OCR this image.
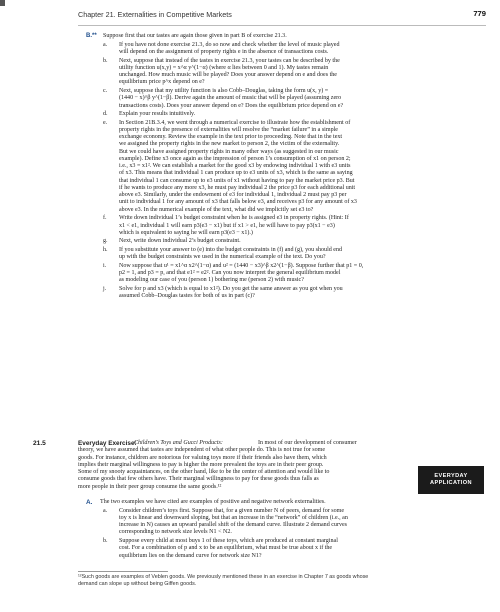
Chapter 21. Externalities in Competitive Markets	779
B.** Suppose first that our tastes are again those given in part B of exercise 21.3.
a. If you have not done exercise 21.3, do so now and check whether the level of music played
will depend on the assignment of property rights e in the absence of transactions costs.
b. Next, suppose that instead of the tastes in exercise 21.3, your tastes can be described by the
utility function u(x,y) = x^α y^(1−α) (where α lies between 0 and 1). My tastes remain
unchanged. How much music will be played? Does your answer depend on e and does the
equilibrium price p^x depend on e?
c. Next, suppose that my utility function is also Cobb–Douglas, taking the form u(x, y) =
(1440 − x)^β y^(1−β). Derive again the amount of music that will be played (assuming zero
transactions costs). Does your answer depend on e? Does the equilibrium price depend on e?
d. Explain your results intuitively.
e. In Section 21B.3.4, we went through a numerical exercise to illustrate how the establishment of
property rights in the presence of externalities will resolve the “market failure” in a simple
exchange economy. Review the example in the text prior to proceeding. Note that in the text
we assigned the property rights in the new market to person 2, the victim of the externality.
But we could have assigned property rights in many other ways (as suggested in our music
example). Define x3 once again as the impression of person 1’s consumption of x1 on person 2;
i.e., x3 = x1². We can establish a market for the good x3 by endowing individual 1 with e3 units
of x3. This means that individual 1 can produce up to e3 units of x3, which is the same as saying
that individual 1 can consume up to e3 units of x1 without having to pay the market price p3. But
if he wants to produce any more x3, he must pay individual 2 the price p3 for each additional unit
above e3. Similarly, under the endowment of e3 for individual 1, individual 2 must pay p3 per
unit to individual 1 for any amount of x3 that falls below e3, and receives p3 for any amount of x3
above e3. In the numerical example of the text, what did we implicitly set e3 to?
f. Write down individual 1’s budget constraint when he is assigned e3 in property rights. (Hint: If
x1 < e1, individual 1 will earn p3(e3 − x1) but if x1 > e1, he will have to pay p3(x1 − e3)
which is equivalent to saying he will earn p3(e3 − x1).)
g. Next, write down individual 2’s budget constraint.
h. If you substitute your answer to (e) into the budget constraints in (f) and (g), you should end
up with the budget constraints we used in the numerical example of the text. Do you?
i. Now suppose that u¹ = x1^α x2^(1−α) and u² = (1440 − x3)^β x2^(1−β). Suppose further that p1 = 0,
p2 = 1, and p3 = p, and that e1² = e2². Can you now interpret the general equilibrium model
as modeling our case of you (person 1) bothering me (person 2) with music?
j. Solve for p and x3 (which is equal to x1²). Do you get the same answer as you got when you
assumed Cobb–Douglas tastes for both of us in part (c)?
21.5	Everyday Exercise:
Children’s Toys and Gucci Products:	In most of our development of consumer
theory, we have assumed that tastes are independent of what other people do. This is not true for some
goods. For instance, children are notorious for valuing toys more if their friends also have them, which
implies their marginal willingness to pay is higher the more prevalent the toys are in their peer group.
Some of my snooty acquaintances, on the other hand, like to be the center of attention and would like to
consume goods that few others have. Their marginal willingness to pay for these goods thus falls as
more people in their peer group consume the same goods.¹²
A. The two examples we have cited are examples of positive and negative network externalities.
a. Consider children’s toys first. Suppose that, for a given number N of peers, demand for some
toy x is linear and downward sloping, but that an increase in the “network” of children (i.e., an
increase in N) causes an upward parallel shift of the demand curve. Illustrate 2 demand curves
corresponding to network size levels N1 < N2.
b. Suppose every child at most buys 1 of these toys, which are produced at constant marginal
cost. For a combination of p and x to be an equilibrium, what must be true about x if the
equilibrium lies on the demand curve for network size N1?
EVERYDAY
APPLICATION
¹²Such goods are examples of Veblen goods. We previously mentioned these in an exercise in Chapter 7 as goods whose
demand can slope up without being Giffen goods.
